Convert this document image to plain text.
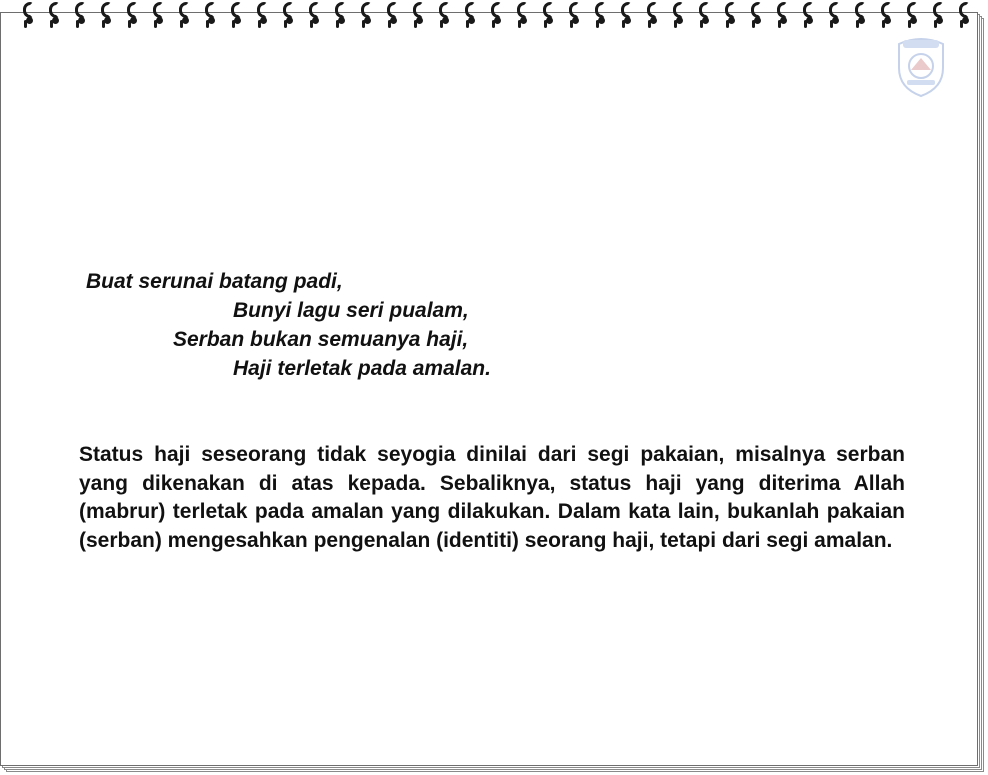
Buat serunai batang padi,
Bunyi lagu seri pualam,
Serban bukan semuanya haji,
Haji terletak pada amalan.
Status haji seseorang tidak seyogia dinilai dari segi pakaian, misalnya serban yang dikenakan di atas kepada. Sebaliknya, status haji yang diterima Allah (mabrur) terletak pada amalan yang dilakukan. Dalam kata lain, bukanlah pakaian (serban) mengesahkan pengenalan (identiti) seorang haji, tetapi dari segi amalan.
